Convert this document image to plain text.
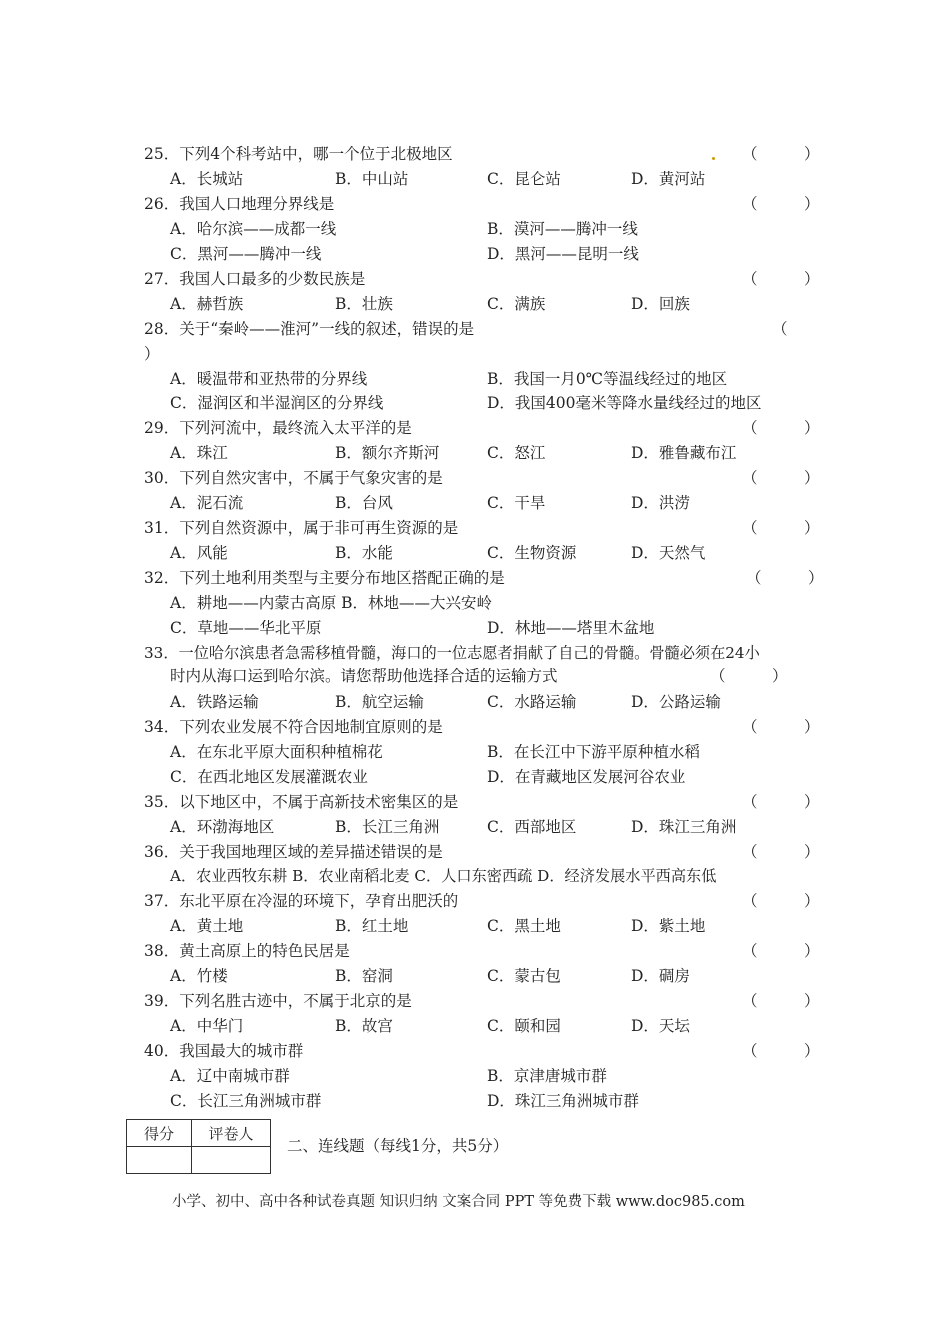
25．下列4个科考站中，哪一个位于北极地区	（　　　）
A．长城站	B．中山站	C．昆仑站	D．黄河站
26．我国人口地理分界线是	（　　　）
A．哈尔滨——成都一线	B．漠河——腾冲一线
C．黑河——腾冲一线	D．黑河——昆明一线
27．我国人口最多的少数民族是	（　　　）
A．赫哲族	B．壮族	C．满族	D．回族
28．关于“秦岭——淮河”一线的叙述，错误的是	（
）
A．暖温带和亚热带的分界线	B．我国一月0℃等温线经过的地区
C．湿润区和半湿润区的分界线	D．我国400毫米等降水量线经过的地区
29．下列河流中，最终流入太平洋的是	（　　　）
A．珠江	B．额尔齐斯河	C．怒江	D．雅鲁藏布江
30．下列自然灾害中，不属于气象灾害的是	（　　　）
A．泥石流	B．台风	C．干旱	D．洪涝
31．下列自然资源中，属于非可再生资源的是	（　　　）
A．风能	B．水能	C．生物资源	D．天然气
32．下列土地利用类型与主要分布地区搭配正确的是	（　　　）
A．耕地——内蒙古高原 B．林地——大兴安岭
C．草地——华北平原	D．林地——塔里木盆地
33．一位哈尔滨患者急需移植骨髓，海口的一位志愿者捐献了自己的骨髓。骨髓必须在24小
时内从海口运到哈尔滨。请您帮助他选择合适的运输方式	（　　　）
A．铁路运输	B．航空运输	C．水路运输	D．公路运输
34．下列农业发展不符合因地制宜原则的是	（　　　）
A．在东北平原大面积种植棉花	B．在长江中下游平原种植水稻
C．在西北地区发展灌溉农业	D．在青藏地区发展河谷农业
35．以下地区中，不属于高新技术密集区的是	（　　　）
A．环渤海地区	B．长江三角洲	C．西部地区	D．珠江三角洲
36．关于我国地理区域的差异描述错误的是	（　　　）
A．农业西牧东耕 B．农业南稻北麦 C．人口东密西疏 D．经济发展水平西高东低
37．东北平原在冷湿的环境下，孕育出肥沃的	（　　　）
A．黄土地	B．红土地	C．黑土地	D．紫土地
38．黄土高原上的特色民居是	（　　　）
A．竹楼	B．窑洞	C．蒙古包	D．碉房
39．下列名胜古迹中，不属于北京的是	（　　　）
A．中华门	B．故宫	C．颐和园	D．天坛
40．我国最大的城市群	（　　　）
A．辽中南城市群	B．京津唐城市群
C．长江三角洲城市群	D．珠江三角洲城市群
得分	评卷人

二、连线题（每线1分，共5分）
小学、初中、高中各种试卷真题 知识归纳 文案合同 PPT 等免费下载 www.doc985.com
